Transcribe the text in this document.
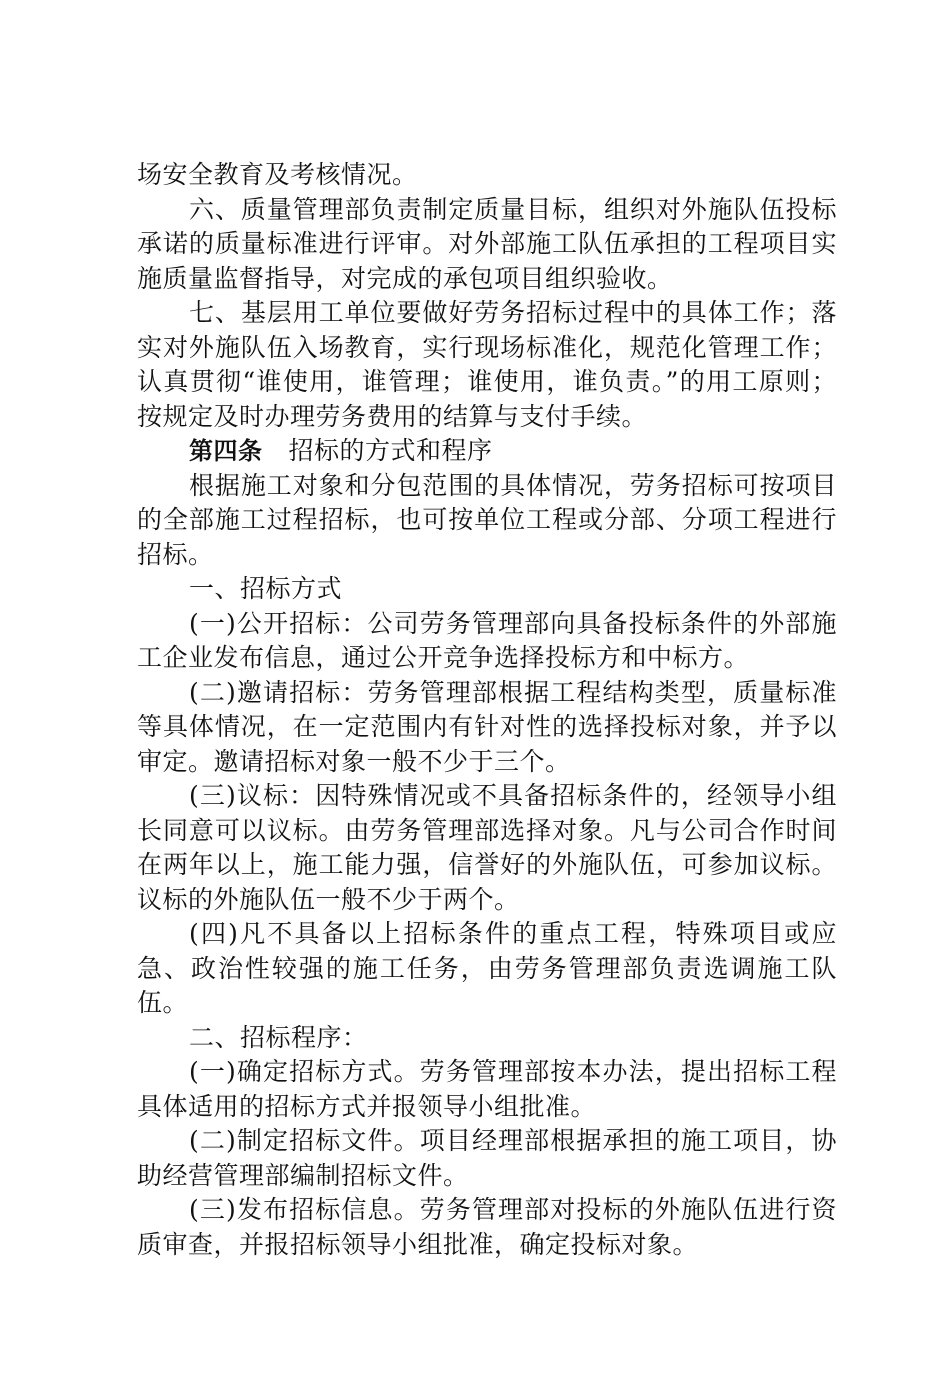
场安全教育及考核情况。

六、质量管理部负责制定质量目标，组织对外施队伍投标承诺的质量标准进行评审。对外部施工队伍承担的工程项目实施质量监督指导，对完成的承包项目组织验收。

七、基层用工单位要做好劳务招标过程中的具体工作；落实对外施队伍入场教育，实行现场标准化，规范化管理工作；认真贯彻“谁使用，谁管理；谁使用，谁负责。”的用工原则；按规定及时办理劳务费用的结算与支付手续。

第四条 招标的方式和程序

根据施工对象和分包范围的具体情况，劳务招标可按项目的全部施工过程招标，也可按单位工程或分部、分项工程进行招标。

一、招标方式

(一)公开招标：公司劳务管理部向具备投标条件的外部施工企业发布信息，通过公开竞争选择投标方和中标方。

(二)邀请招标：劳务管理部根据工程结构类型，质量标准等具体情况，在一定范围内有针对性的选择投标对象，并予以审定。邀请招标对象一般不少于三个。

(三)议标：因特殊情况或不具备招标条件的，经领导小组长同意可以议标。由劳务管理部选择对象。凡与公司合作时间在两年以上，施工能力强，信誉好的外施队伍，可参加议标。议标的外施队伍一般不少于两个。

(四)凡不具备以上招标条件的重点工程，特殊项目或应急、政治性较强的施工任务，由劳务管理部负责选调施工队伍。

二、招标程序：

(一)确定招标方式。劳务管理部按本办法，提出招标工程具体适用的招标方式并报领导小组批准。

(二)制定招标文件。项目经理部根据承担的施工项目，协助经营管理部编制招标文件。

(三)发布招标信息。劳务管理部对投标的外施队伍进行资质审查，并报招标领导小组批准，确定投标对象。
